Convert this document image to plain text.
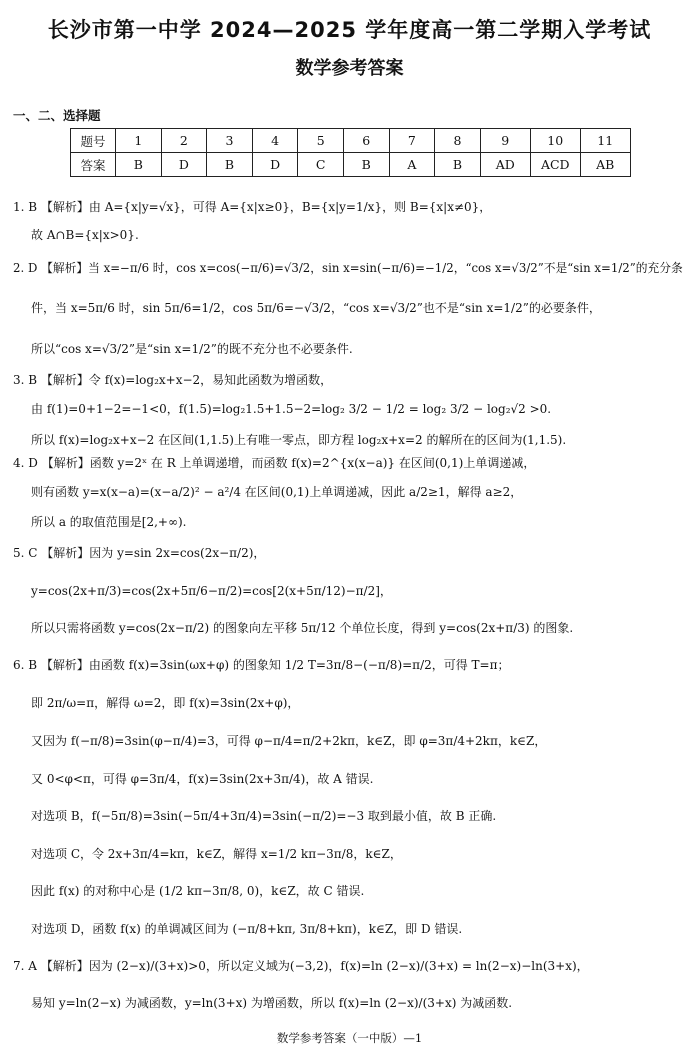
长沙市第一中学 2024—2025 学年度高一第二学期入学考试
数学参考答案
一、二、选择题
题号	1	2	3	4	5	6	7	8	9	10	11
答案	B	D	B	D	C	B	A	B	AD	ACD	AB
1. B 【解析】由 A={x|y=√x}，可得 A={x|x≥0}，B={x|y=1/x}，则 B={x|x≠0}，
故 A∩B={x|x>0}.
2. D 【解析】当 x=−π/6 时，cos x=cos(−π/6)=√3/2，sin x=sin(−π/6)=−1/2，“cos x=√3/2”不是“sin x=1/2”的充分条
件，当 x=5π/6 时，sin 5π/6=1/2，cos 5π/6=−√3/2，“cos x=√3/2”也不是“sin x=1/2”的必要条件，
所以“cos x=√3/2”是“sin x=1/2”的既不充分也不必要条件.
3. B 【解析】令 f(x)=log₂x+x−2，易知此函数为增函数，
由 f(1)=0+1−2=−1<0，f(1.5)=log₂1.5+1.5−2=log₂ 3/2 − 1/2 = log₂ 3/2 − log₂√2 >0.
所以 f(x)=log₂x+x−2 在区间(1,1.5)上有唯一零点，即方程 log₂x+x=2 的解所在的区间为(1,1.5).
4. D 【解析】函数 y=2ˣ 在 R 上单调递增，而函数 f(x)=2^{x(x−a)} 在区间(0,1)上单调递减，
则有函数 y=x(x−a)=(x−a/2)² − a²/4 在区间(0,1)上单调递减，因此 a/2≥1，解得 a≥2，
所以 a 的取值范围是[2,+∞).
5. C 【解析】因为 y=sin 2x=cos(2x−π/2)，
y=cos(2x+π/3)=cos(2x+5π/6−π/2)=cos[2(x+5π/12)−π/2]，
所以只需将函数 y=cos(2x−π/2) 的图象向左平移 5π/12 个单位长度，得到 y=cos(2x+π/3) 的图象.
6. B 【解析】由函数 f(x)=3sin(ωx+φ) 的图象知 1/2 T=3π/8−(−π/8)=π/2，可得 T=π；
即 2π/ω=π，解得 ω=2，即 f(x)=3sin(2x+φ)，
又因为 f(−π/8)=3sin(φ−π/4)=3，可得 φ−π/4=π/2+2kπ，k∈Z，即 φ=3π/4+2kπ，k∈Z，
又 0<φ<π，可得 φ=3π/4，f(x)=3sin(2x+3π/4)，故 A 错误.
对选项 B，f(−5π/8)=3sin(−5π/4+3π/4)=3sin(−π/2)=−3 取到最小值，故 B 正确.
对选项 C，令 2x+3π/4=kπ，k∈Z，解得 x=1/2 kπ−3π/8，k∈Z，
因此 f(x) 的对称中心是 (1/2 kπ−3π/8, 0)，k∈Z，故 C 错误.
对选项 D，函数 f(x) 的单调减区间为 (−π/8+kπ, 3π/8+kπ)，k∈Z，即 D 错误.
7. A 【解析】因为 (2−x)/(3+x)>0，所以定义域为(−3,2)，f(x)=ln (2−x)/(3+x) = ln(2−x)−ln(3+x)，
易知 y=ln(2−x) 为减函数，y=ln(3+x) 为增函数，所以 f(x)=ln (2−x)/(3+x) 为减函数.
数学参考答案（一中版）—1
